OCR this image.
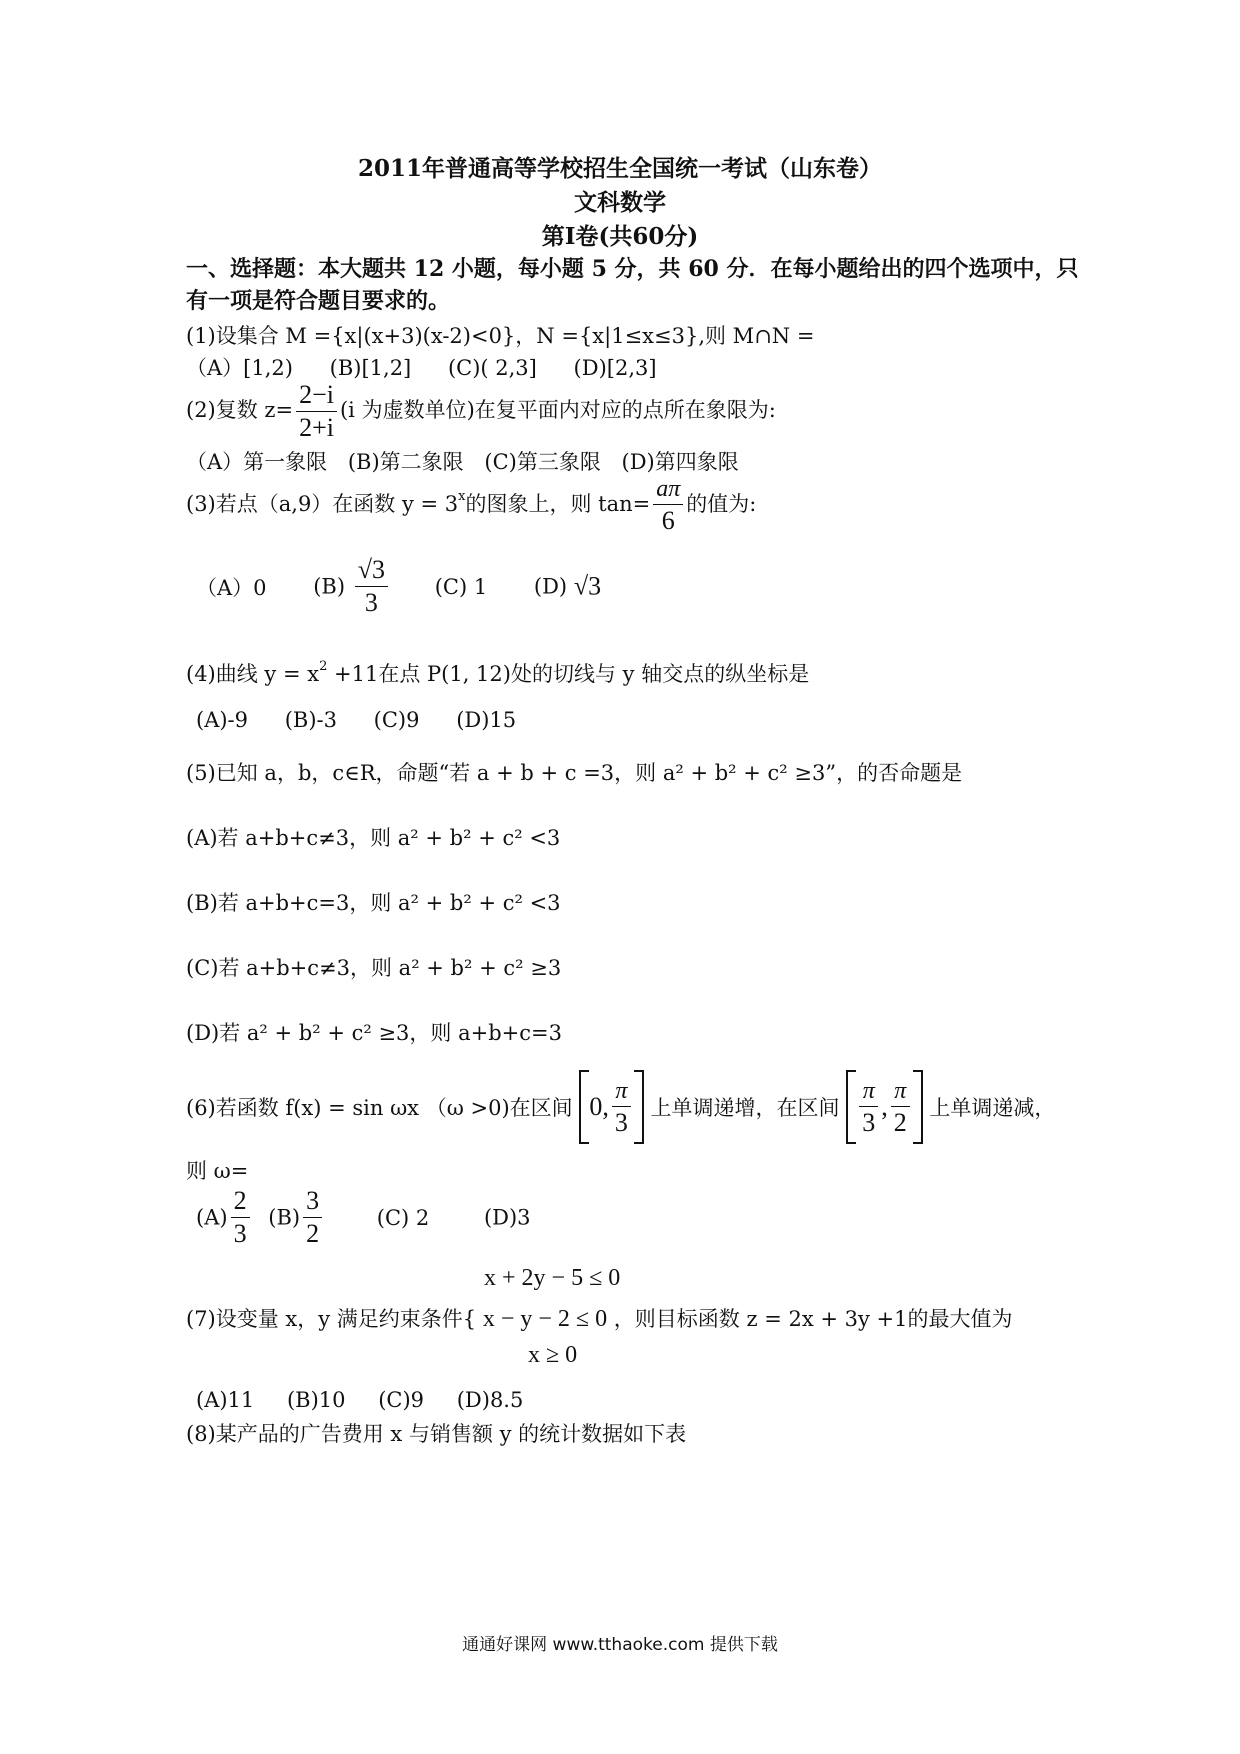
2011年普通高等学校招生全国统一考试（山东卷）
文科数学
第Ⅰ卷(共60分)
一、选择题：本大题共 12 小题，每小题 5 分，共 60 分．在每小题给出的四个选项中，只
有一项是符合题目要求的。
(1)设集合 M ={x|(x+3)(x-2)<0}，N ={x|1≤x≤3},则 M∩N =
（A）[1,2) (B)[1,2] (C)( 2,3] (D)[2,3]
(2)复数 $z= \frac{2-i}{2+i} (i$ 为虚数单位)在复平面内对应的点所在象限为:
（A）第一象限 (B)第二象限 (C)第三象限 (D)第四象限
(3)若点（a,9）在函数 $y = 3^x$的图象上，则 $\tan= \frac{a\pi}{6}$ 的值为:
（A）0 $(B) \frac{√3}{3} (C)$ 1 (D) √3
(4)曲线 $y = x^2 +11$在点 P(1, 12)处的切线与 y 轴交点的纵坐标是
(A)-9 (B)-3 (C)9 (D)15
(5)已知 a，b，c∈R，命题“若 a + b + c =3，则 a² + b² + c² ≥3”，的否命题是
(A)若 a+b+c≠3，则 a² + b² + c² <3
(B)若 a+b+c=3，则 a² + b² + c² <3
(C)若 a+b+c≠3，则 a² + b² + c² ≥3
(D)若 a² + b² + c² ≥3，则 a+b+c=3
(6)若函数 f(x) = sin ωx （ω >0)在区间 0, $\frac{\pi}{3}$ 上单调递增，在区间 $\frac{\pi}{3}$ , $\frac{\pi}{2}$ 上单调递减，
则 ω=
$(A) \frac{2}{3} (B) \frac{3}{2}$	(C) 2	(D)3
x + 2y − 5 ≤ 0
(7)设变量 x，y 满足约束条件{ x − y − 2 ≤ 0 ，则目标函数 z = 2x + 3y +1的最大值为
x ≥ 0
(A)11 (B)10 (C)9 (D)8.5
(8)某产品的广告费用 x 与销售额 y 的统计数据如下表
通通好课网 www.tthaoke.com 提供下载
